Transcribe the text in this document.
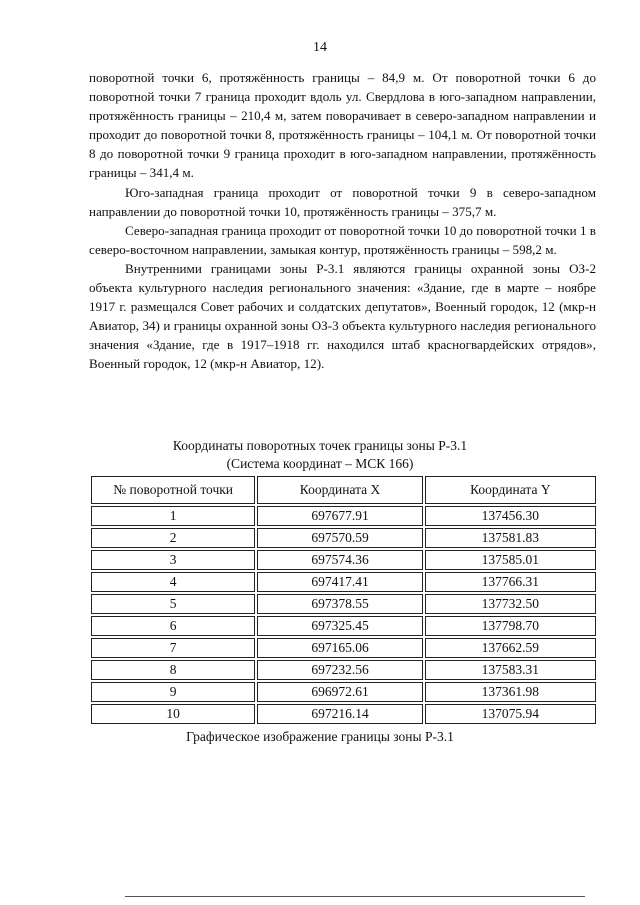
14

поворотной точки 6, протяжённость границы – 84,9 м. От поворотной точки 6 до поворотной точки 7 граница проходит вдоль ул. Свердлова в юго-западном направлении, протяжённость границы – 210,4 м, затем поворачивает в северо-западном направлении и проходит до поворотной точки 8, протяжённость границы – 104,1 м. От поворотной точки 8 до поворотной точки 9 граница проходит в юго-западном направлении, протяжённость границы – 341,4 м.

Юго-западная граница проходит от поворотной точки 9 в северо-западном направлении до поворотной точки 10, протяжённость границы – 375,7 м.

Северо-западная граница проходит от поворотной точки 10 до поворотной точки 1 в северо-восточном направлении, замыкая контур, протяжённость границы – 598,2 м.

Внутренними границами зоны Р-3.1 являются границы охранной зоны ОЗ-2 объекта культурного наследия регионального значения: «Здание, где в марте – ноябре 1917 г. размещался Совет рабочих и солдатских депутатов», Военный городок, 12 (мкр-н Авиатор, 34) и границы охранной зоны ОЗ-3 объекта культурного наследия регионального значения «Здание, где в 1917–1918 гг. находился штаб красногвардейских отрядов», Военный городок, 12 (мкр-н Авиатор, 12).

Координаты поворотных точек границы зоны Р-3.1
(Система координат – МСК 166)
№ поворотной точки	Координата X	Координата Y
1	697677.91	137456.30
2	697570.59	137581.83
3	697574.36	137585.01
4	697417.41	137766.31
5	697378.55	137732.50
6	697325.45	137798.70
7	697165.06	137662.59
8	697232.56	137583.31
9	696972.61	137361.98
10	697216.14	137075.94
Графическое изображение границы зоны Р-3.1
